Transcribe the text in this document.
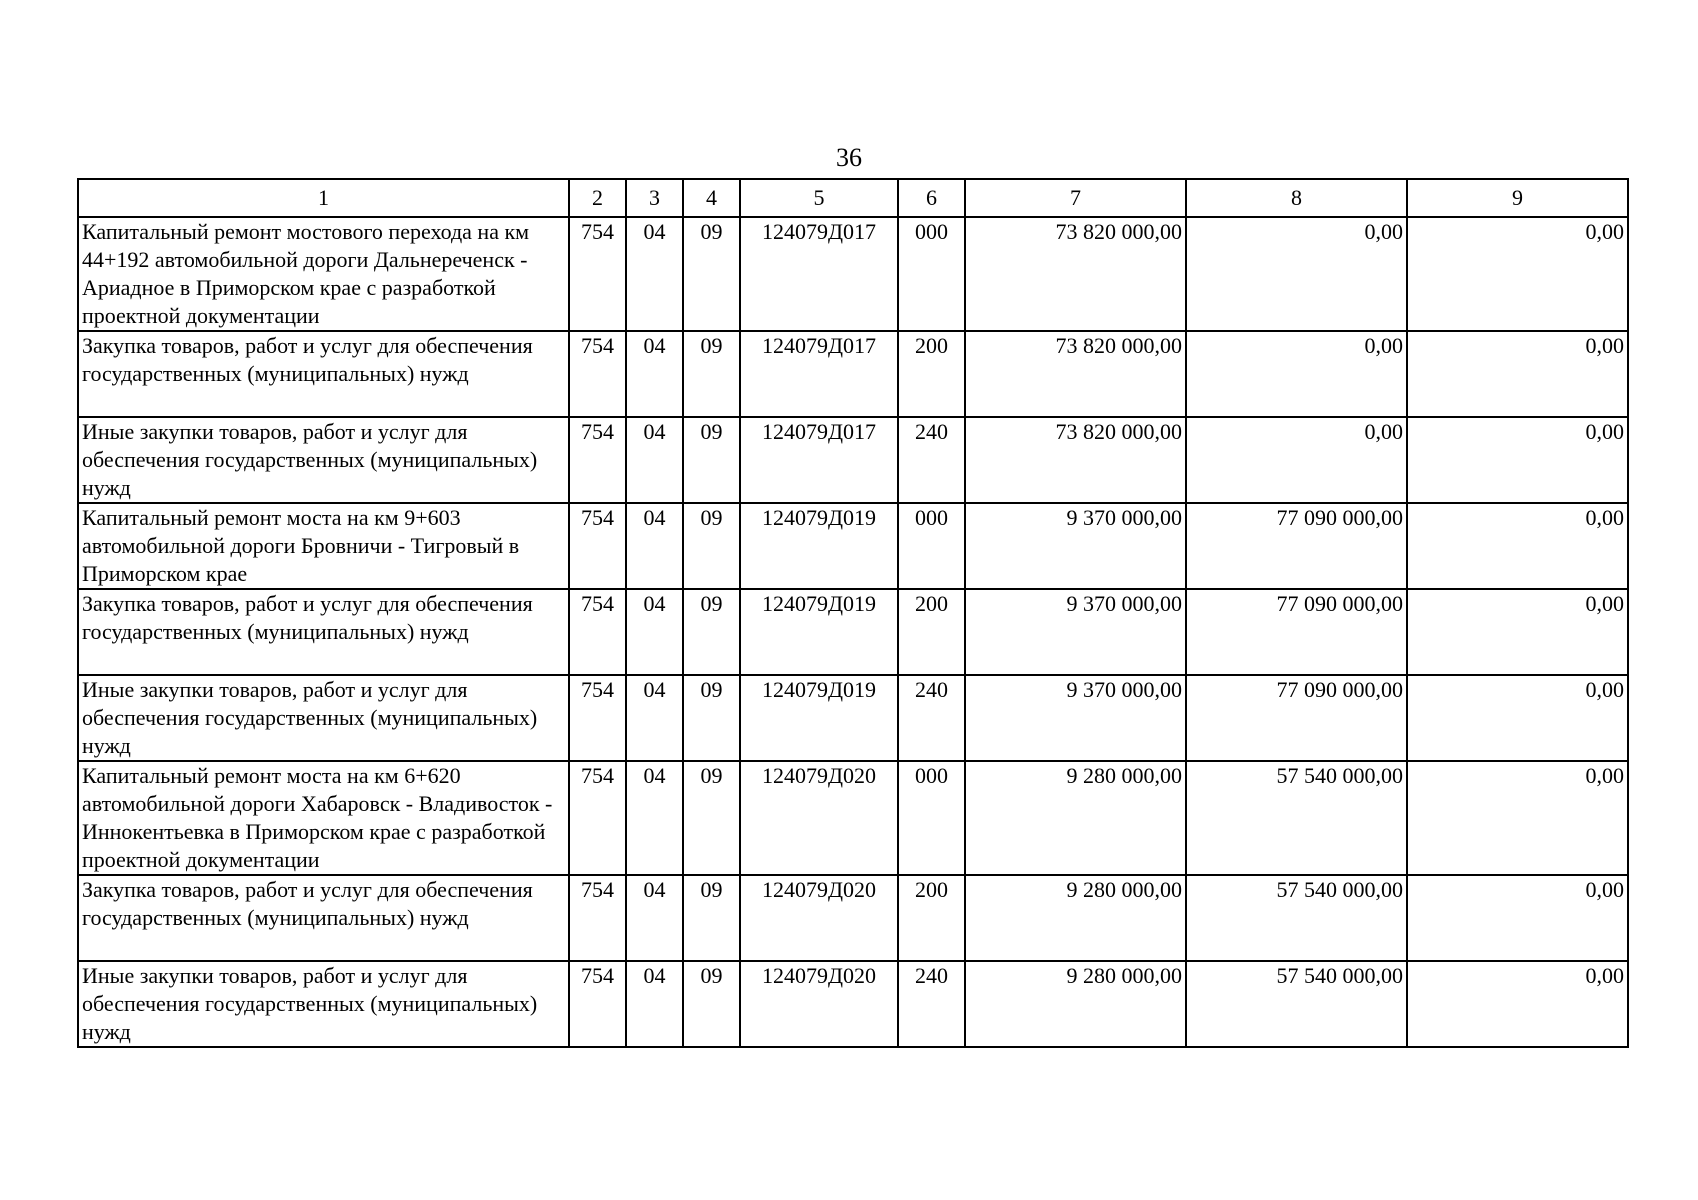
36
1	2	3	4	5	6	7	8	9
Капитальный ремонт мостового перехода на км 44+192 автомобильной дороги Дальнереченск - Ариадное в Приморском крае с разработкой проектной документации	754	04	09	124079Д017	000	73 820 000,00	0,00	0,00
Закупка товаров, работ и услуг для обеспечения государственных (муниципальных) нужд	754	04	09	124079Д017	200	73 820 000,00	0,00	0,00
Иные закупки товаров, работ и услуг для обеспечения государственных (муниципальных) нужд	754	04	09	124079Д017	240	73 820 000,00	0,00	0,00
Капитальный ремонт моста на км 9+603 автомобильной дороги Бровничи - Тигровый в Приморском крае	754	04	09	124079Д019	000	9 370 000,00	77 090 000,00	0,00
Закупка товаров, работ и услуг для обеспечения государственных (муниципальных) нужд	754	04	09	124079Д019	200	9 370 000,00	77 090 000,00	0,00
Иные закупки товаров, работ и услуг для обеспечения государственных (муниципальных) нужд	754	04	09	124079Д019	240	9 370 000,00	77 090 000,00	0,00
Капитальный ремонт моста на км 6+620 автомобильной дороги Хабаровск - Владивосток - Иннокентьевка в Приморском крае с разработкой проектной документации	754	04	09	124079Д020	000	9 280 000,00	57 540 000,00	0,00
Закупка товаров, работ и услуг для обеспечения государственных (муниципальных) нужд	754	04	09	124079Д020	200	9 280 000,00	57 540 000,00	0,00
Иные закупки товаров, работ и услуг для обеспечения государственных (муниципальных) нужд	754	04	09	124079Д020	240	9 280 000,00	57 540 000,00	0,00
